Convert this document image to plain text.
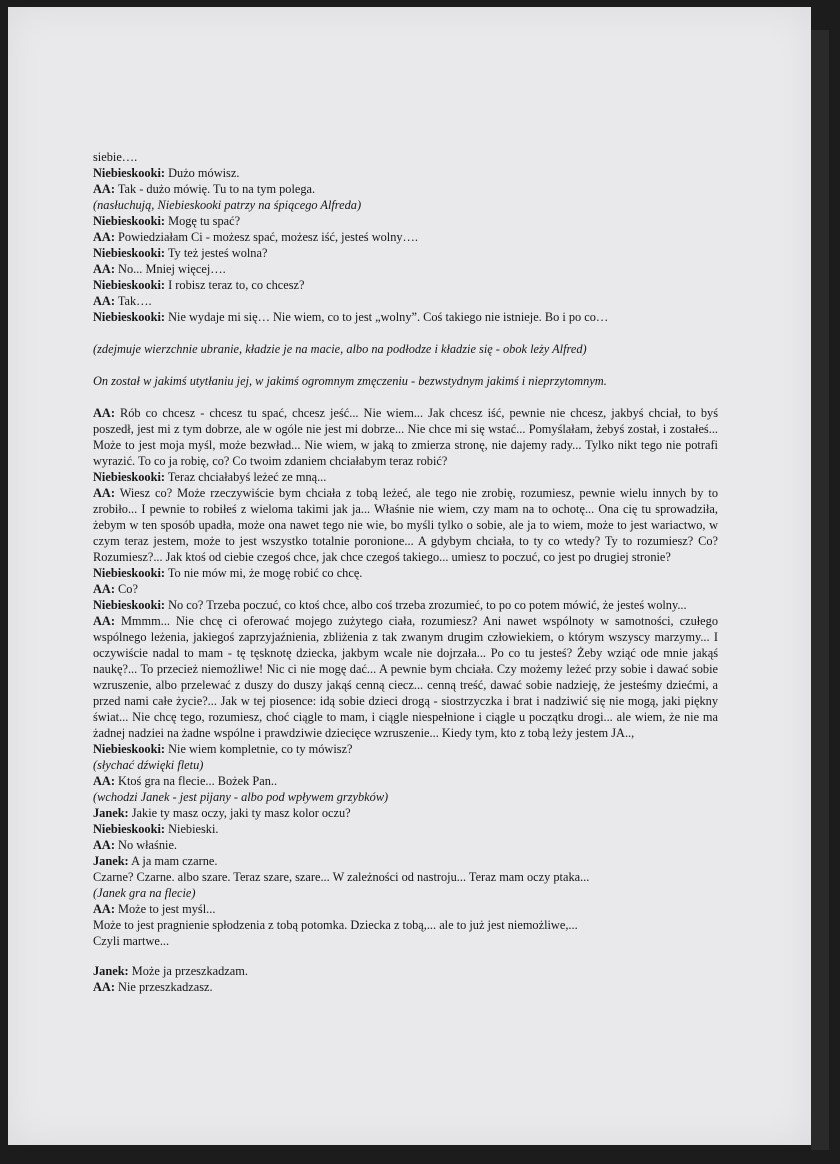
siebie….

Niebieskooki: Dużo mówisz.

AA: Tak - dużo mówię. Tu to na tym polega.

(nasłuchują, Niebieskooki patrzy na śpiącego Alfreda)

Niebieskooki: Mogę tu spać?

AA: Powiedziałam Ci - możesz spać, możesz iść, jesteś wolny….

Niebieskooki: Ty też jesteś wolna?

AA: No... Mniej więcej….

Niebieskooki: I robisz teraz to, co chcesz?

AA: Tak….

Niebieskooki: Nie wydaje mi się… Nie wiem, co to jest „wolny”. Coś takiego nie istnieje. Bo i po co…

(zdejmuje wierzchnie ubranie, kładzie je na macie, albo na podłodze i kładzie się - obok leży Alfred)

On został w jakimś utytłaniu jej, w jakimś ogromnym zmęczeniu - bezwstydnym jakimś i nieprzytomnym.

AA: Rób co chcesz - chcesz tu spać, chcesz jeść... Nie wiem... Jak chcesz iść, pewnie nie chcesz, jakbyś chciał, to byś poszedł, jest mi z tym dobrze, ale w ogóle nie jest mi dobrze... Nie chce mi się wstać... Pomyślałam, żebyś został, i zostałeś... Może to jest moja myśl, może bezwład... Nie wiem, w jaką to zmierza stronę, nie dajemy rady... Tylko nikt tego nie potrafi wyrazić. To co ja robię, co? Co twoim zdaniem chciałabym teraz robić?

Niebieskooki: Teraz chciałabyś leżeć ze mną...

AA: Wiesz co? Może rzeczywiście bym chciała z tobą leżeć, ale tego nie zrobię, rozumiesz, pewnie wielu innych by to zrobiło... I pewnie to robiłeś z wieloma takimi jak ja... Właśnie nie wiem, czy mam na to ochotę... Ona cię tu sprowadziła, żebym w ten sposób upadła, może ona nawet tego nie wie, bo myśli tylko o sobie, ale ja to wiem, może to jest wariactwo, w czym teraz jestem, może to jest wszystko totalnie poronione... A gdybym chciała, to ty co wtedy? Ty to rozumiesz? Co? Rozumiesz?... Jak ktoś od ciebie czegoś chce, jak chce czegoś takiego... umiesz to poczuć, co jest po drugiej stronie?

Niebieskooki: To nie mów mi, że mogę robić co chcę.

AA: Co?

Niebieskooki: No co? Trzeba poczuć, co ktoś chce, albo coś trzeba zrozumieć, to po co potem mówić, że jesteś wolny...

AA: Mmmm... Nie chcę ci oferować mojego zużytego ciała, rozumiesz? Ani nawet wspólnoty w samotności, czułego wspólnego leżenia, jakiegoś zaprzyjaźnienia, zbliżenia z tak zwanym drugim człowiekiem, o którym wszyscy marzymy... I oczywiście nadal to mam - tę tęsknotę dziecka, jakbym wcale nie dojrzała... Po co tu jesteś? Żeby wziąć ode mnie jakąś naukę?... To przecież niemożliwe! Nic ci nie mogę dać... A pewnie bym chciała. Czy możemy leżeć przy sobie i dawać sobie wzruszenie, albo przelewać z duszy do duszy jakąś cenną ciecz... cenną treść, dawać sobie nadzieję, że jesteśmy dziećmi, a przed nami całe życie?... Jak w tej piosence: idą sobie dzieci drogą - siostrzyczka i brat i nadziwić się nie mogą, jaki piękny świat... Nie chcę tego, rozumiesz, choć ciągle to mam, i ciągle niespełnione i ciągle u początku drogi... ale wiem, że nie ma żadnej nadziei na żadne wspólne i prawdziwie dziecięce wzruszenie... Kiedy tym, kto z tobą leży jestem JA..,

Niebieskooki: Nie wiem kompletnie, co ty mówisz?

(słychać dźwięki fletu)

AA: Ktoś gra na flecie... Bożek Pan..

(wchodzi Janek - jest pijany - albo pod wpływem grzybków)

Janek: Jakie ty masz oczy, jaki ty masz kolor oczu?

Niebieskooki: Niebieski.

AA: No właśnie.

Janek: A ja mam czarne.

Czarne? Czarne. albo szare. Teraz szare, szare... W zależności od nastroju... Teraz mam oczy ptaka...

(Janek gra na flecie)

AA: Może to jest myśl...

Może to jest pragnienie spłodzenia z tobą potomka. Dziecka z tobą,... ale to już jest niemożliwe,...

Czyli martwe...

Janek: Może ja przeszkadzam.

AA: Nie przeszkadzasz.
